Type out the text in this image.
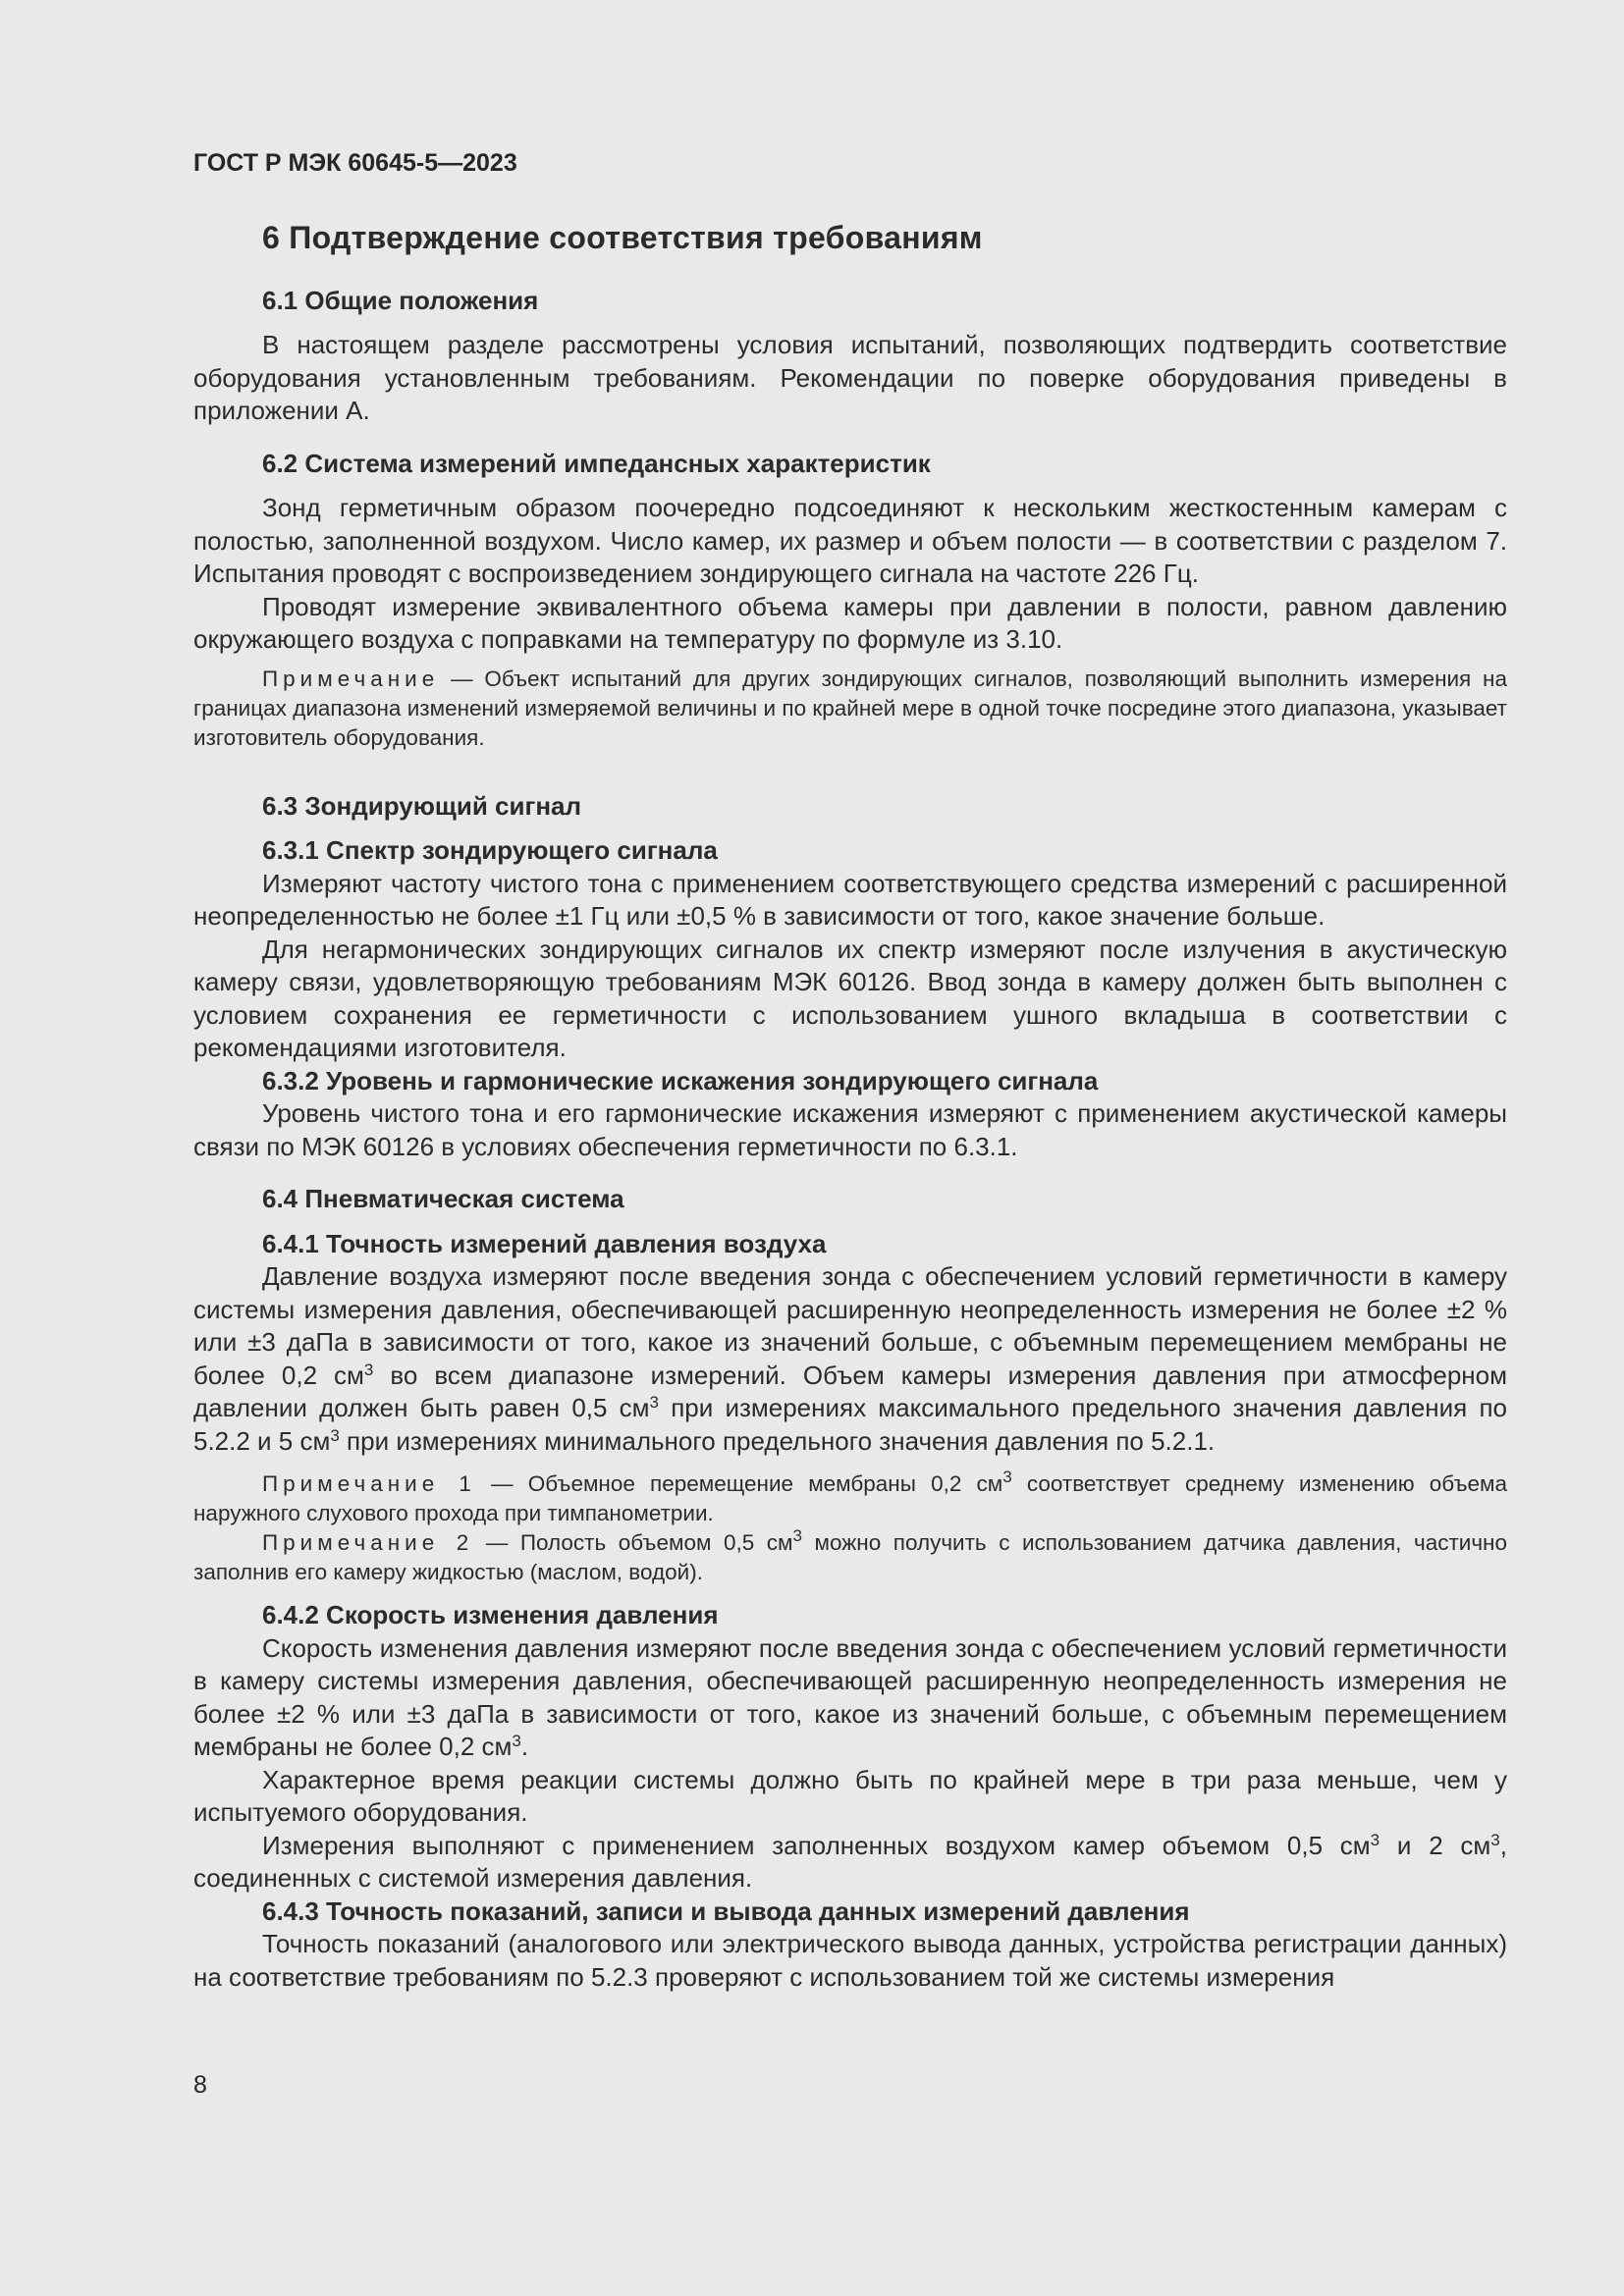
ГОСТ Р МЭК 60645-5—2023
6 Подтверждение соответствия требованиям
6.1 Общие положения

В настоящем разделе рассмотрены условия испытаний, позволяющих подтвердить соответствие оборудования установленным требованиям. Рекомендации по поверке оборудования приведены в приложении А.

6.2 Система измерений импедансных характеристик

Зонд герметичным образом поочередно подсоединяют к нескольким жесткостенным камерам с полостью, заполненной воздухом. Число камер, их размер и объем полости — в соответствии с разделом 7. Испытания проводят с воспроизведением зондирующего сигнала на частоте 226 Гц.

Проводят измерение эквивалентного объема камеры при давлении в полости, равном давлению окружающего воздуха с поправками на температуру по формуле из 3.10.

Примечание — Объект испытаний для других зондирующих сигналов, позволяющий выполнить измерения на границах диапазона изменений измеряемой величины и по крайней мере в одной точке посредине этого диапазона, указывает изготовитель оборудования.

6.3 Зондирующий сигнал
6.3.1 Спектр зондирующего сигнала

Измеряют частоту чистого тона с применением соответствующего средства измерений с расширенной неопределенностью не более ±1 Гц или ±0,5 % в зависимости от того, какое значение больше.

Для негармонических зондирующих сигналов их спектр измеряют после излучения в акустическую камеру связи, удовлетворяющую требованиям МЭК 60126. Ввод зонда в камеру должен быть выполнен с условием сохранения ее герметичности с использованием ушного вкладыша в соответствии с рекомендациями изготовителя.

6.3.2 Уровень и гармонические искажения зондирующего сигнала

Уровень чистого тона и его гармонические искажения измеряют с применением акустической камеры связи по МЭК 60126 в условиях обеспечения герметичности по 6.3.1.

6.4 Пневматическая система
6.4.1 Точность измерений давления воздуха

Давление воздуха измеряют после введения зонда с обеспечением условий герметичности в камеру системы измерения давления, обеспечивающей расширенную неопределенность измерения не более ±2 % или ±3 даПа в зависимости от того, какое из значений больше, с объемным перемещением мембраны не более 0,2 $см^3$ во всем диапазоне измерений. Объем камеры измерения давления при атмосферном давлении должен быть равен 0,5 $см^3$ при измерениях максимального предельного значения давления по 5.2.2 и 5 $см^3$ при измерениях минимального предельного значения давления по 5.2.1.

Примечание 1 — Объемное перемещение мембраны 0,2 $см^3$ соответствует среднему изменению объема наружного слухового прохода при тимпанометрии.

Примечание 2 — Полость объемом 0,5 $см^3$ можно получить с использованием датчика давления, частично заполнив его камеру жидкостью (маслом, водой).

6.4.2 Скорость изменения давления

Скорость изменения давления измеряют после введения зонда с обеспечением условий герметичности в камеру системы измерения давления, обеспечивающей расширенную неопределенность измерения не более ±2 % или ±3 даПа в зависимости от того, какое из значений больше, с объемным перемещением мембраны не более 0,2 $см^3$.

Характерное время реакции системы должно быть по крайней мере в три раза меньше, чем у испытуемого оборудования.

Измерения выполняют с применением заполненных воздухом камер объемом 0,5 $см^3$ и 2 $см^3$, соединенных с системой измерения давления.

6.4.3 Точность показаний, записи и вывода данных измерений давления

Точность показаний (аналогового или электрического вывода данных, устройства регистрации данных) на соответствие требованиям по 5.2.3 проверяют с использованием той же системы измерения

8
